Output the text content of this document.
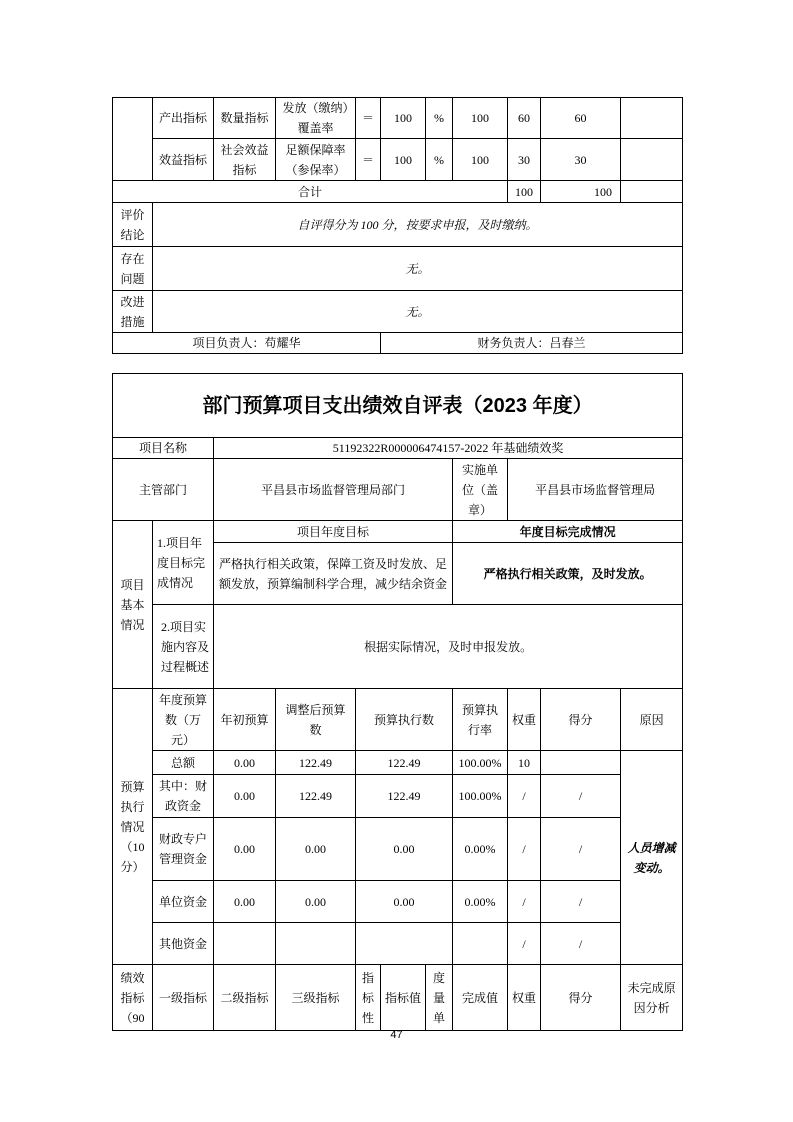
	产出指标	数量指标	发放（缴纳）覆盖率	＝	100	%	100	60	60	
	效益指标	社会效益指标	足额保障率（参保率）	＝	100	%	100	30	30	
合计								100	100	
评价结论	自评得分为 100 分，按要求申报，及时缴纳。									
存在问题	无。									
改进措施	无。									
项目负责人：苟耀华					财务负责人：吕春兰					
部门预算项目支出绩效自评表（2023 年度）										
项目名称		51192322R000006474157-2022 年基础绩效奖								
主管部门		平昌县市场监督管理局部门					实施单位（盖章）	平昌县市场监督管理局		
项目基本情况	1.项目年度目标完成情况	项目年度目标					年度目标完成情况			
		严格执行相关政策，保障工资及时发放、足额发放，预算编制科学合理，减少结余资金					严格执行相关政策，及时发放。			
	2.项目实施内容及过程概述	根据实际情况，及时申报发放。								
预算执行情况（10分）	年度预算数（万元）	年初预算	调整后预算数	预算执行数			预算执行率	权重	得分	原因
	总额	0.00	122.49	122.49			100.00%	10		人员增减变动。
	其中：财政资金	0.00	122.49	122.49			100.00%	/	/	
	财政专户管理资金	0.00	0.00	0.00			0.00%	/	/	
	单位资金	0.00	0.00	0.00			0.00%	/	/	
	其他资金							/	/	
绩效指标（90	一级指标	二级指标	三级指标	指标性	指标值	度量单	完成值	权重	得分	未完成原因分析
47
